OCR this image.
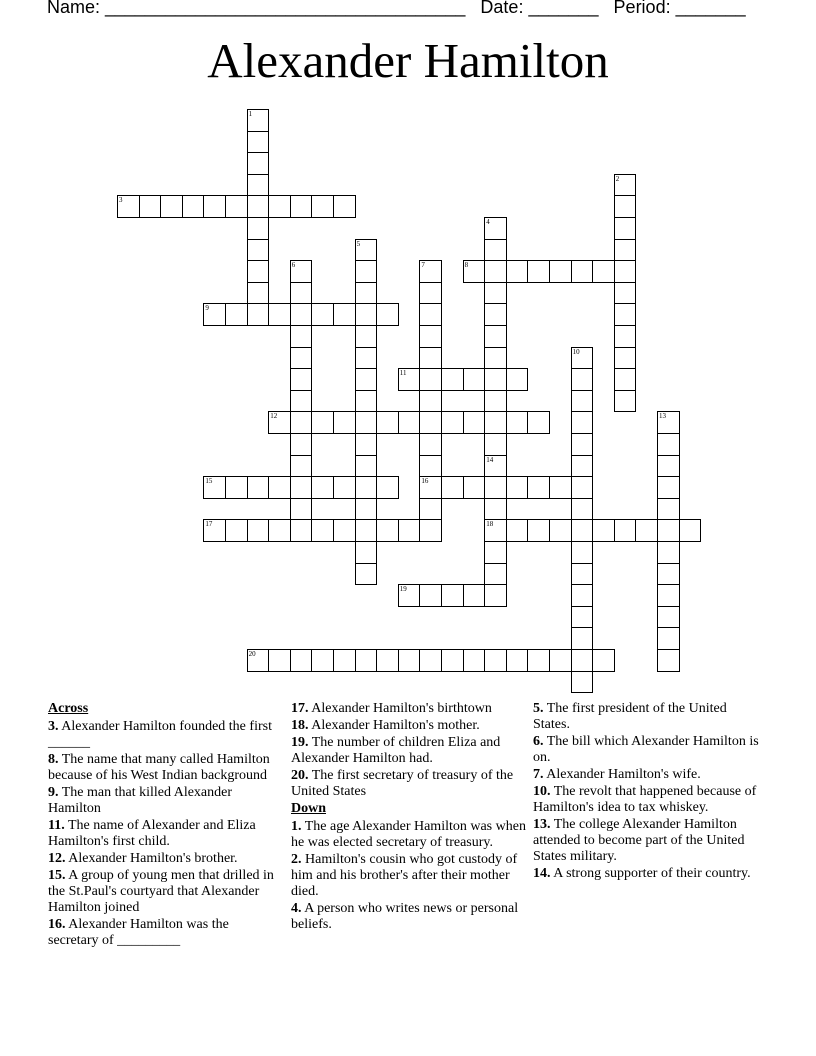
Name: ____________________________________ Date: _______ Period: _______
Alexander Hamilton
1
2
3
4
5
6	7	8
9
10
11
12	13
14
15	16
17	18
19
20
Across
3. Alexander Hamilton founded the first ______
8. The name that many called Hamilton because of his West Indian background
9. The man that killed Alexander Hamilton
11. The name of Alexander and Eliza Hamilton's first child.
12. Alexander Hamilton's brother.
15. A group of young men that drilled in the St.Paul's courtyard that Alexander Hamilton joined
16. Alexander Hamilton was the secretary of _________
17. Alexander Hamilton's birthtown
18. Alexander Hamilton's mother.
19. The number of children Eliza and Alexander Hamilton had.
20. The first secretary of treasury of the United States
Down
1. The age Alexander Hamilton was when he was elected secretary of treasury.
2. Hamilton's cousin who got custody of him and his brother's after their mother died.
4. A person who writes news or personal beliefs.
5. The first president of the United States.
6. The bill which Alexander Hamilton is on.
7. Alexander Hamilton's wife.
10. The revolt that happened because of Hamilton's idea to tax whiskey.
13. The college Alexander Hamilton attended to become part of the United States military.
14. A strong supporter of their country.
